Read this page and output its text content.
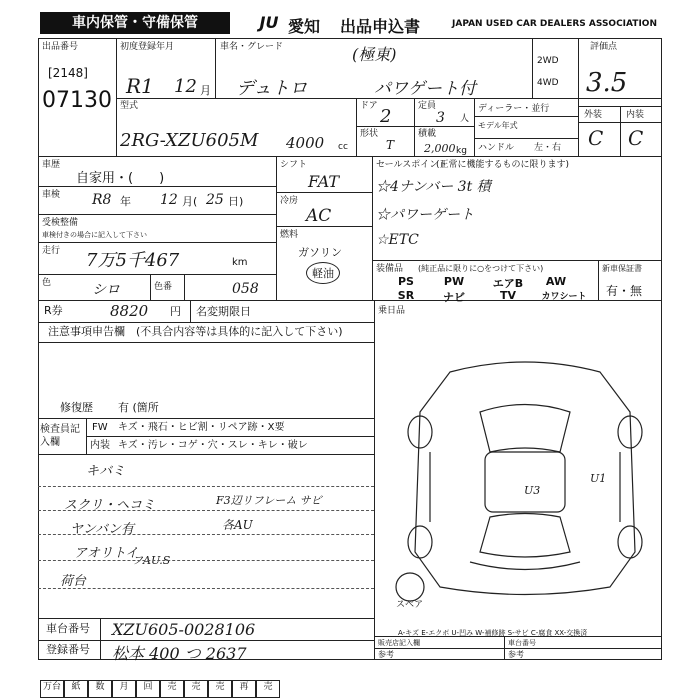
車内保管・守備保管	JU 愛知 出品申込書	JAPAN USED CAR DEALERS ASSOCIATION
出品番号
[2148]
07130
初度登録年月
R1 12 月
車名・グレード	(極東)
デュトロ	パワゲート付
2WD
4WD
評価点
3.5
外装	内装
C C
型式
2RG-XZU605M 4000 cc
ドア 2	定員
3 人
形状
T
積載
2,000 kg
ディーラー・並行
モデル年式
ハンドル 左・右
車歴
自家用・(　　)
車検 R8 年 12 月( 25 日)
受検整備
車検付きの場合に記入して下さい
走行 7万5千467	km
色	シロ	色番	058
シフト
FAT
冷房
AC
燃料
ガソリン
軽油
セールスポイント
(正常に機能するものに限ります)
☆4ナンバー 3t 積
☆パワーゲート
☆ETC
装備品 (純正品に限りに○をつけて下さい)
PS	PW	エアB	AW
SR	ナビ	TV	カワシート
新車保証書
有・無
R券	8820 円 名変期限日
注意事項申告欄 (不具合内容等は具体的に記入して下さい)
修復歴 有 (箇所
乗日品
検査員記入欄
FW キズ・飛石・ヒビ割・リペア跡・X要
内装 キズ・汚レ・コゲ・穴・スレ・キレ・破レ
キバミ
スクリ・ヘコミ
ヤンバン有
アオリトイ
荷台
F3辺リフレーム サビ
各AU
フAU.S
U3
U1
スペア
A-キズ E-エクボ U-凹み W-補修跡 S-サビ C-腐食 XX-交換済
車台番号 XZU605-0028106
登録番号 松本 400 つ 2637
販売店記入欄	車台番号
参考	参考
万台	紙	数	月	回	売	売	売	再	売
